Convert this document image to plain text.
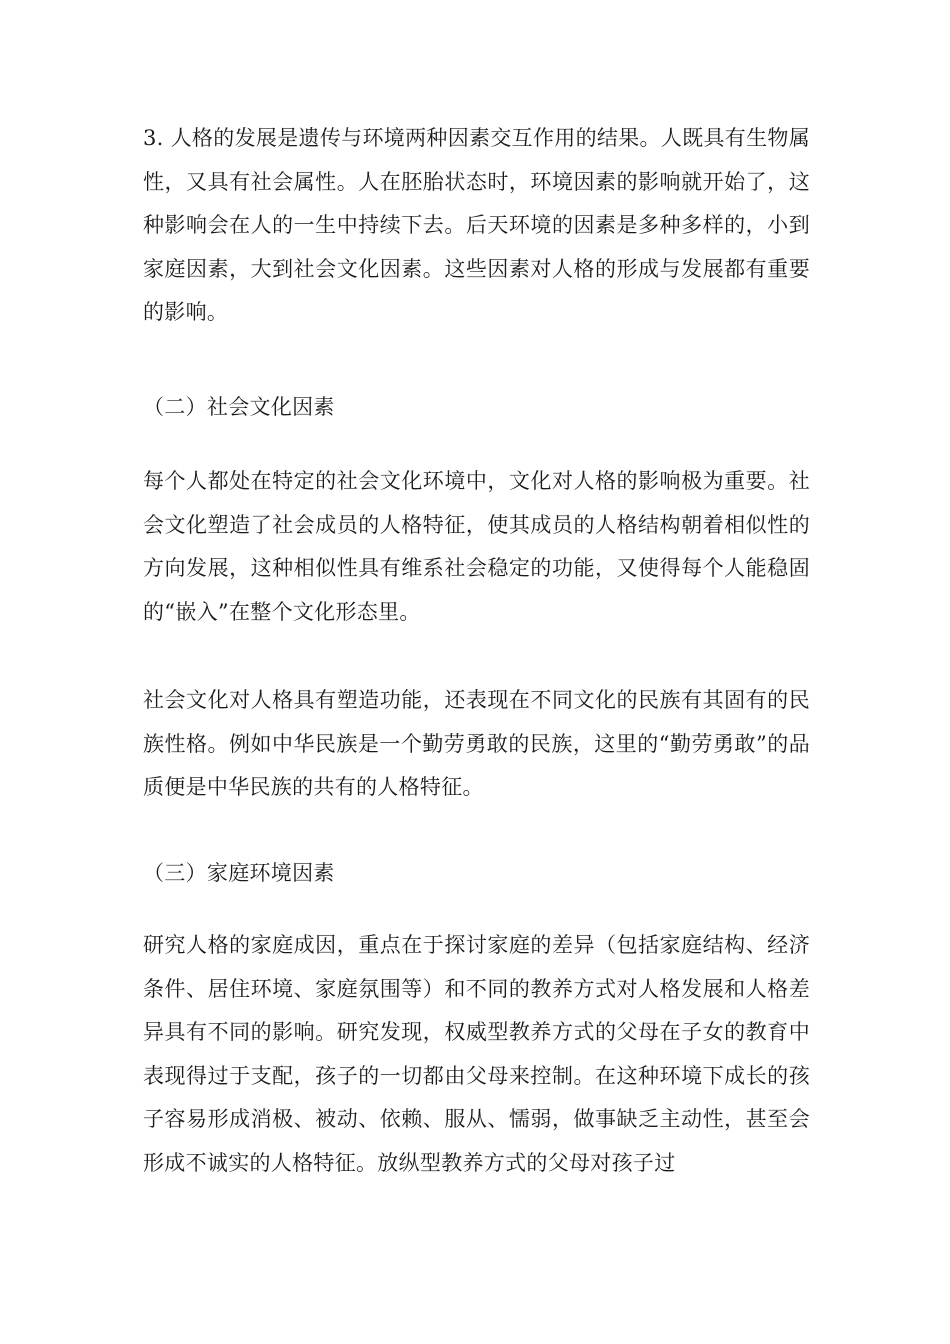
3. 人格的发展是遗传与环境两种因素交互作用的结果。人既具有生物属性，又具有社会属性。人在胚胎状态时，环境因素的影响就开始了，这种影响会在人的一生中持续下去。后天环境的因素是多种多样的，小到家庭因素，大到社会文化因素。这些因素对人格的形成与发展都有重要的影响。

（二）社会文化因素

每个人都处在特定的社会文化环境中，文化对人格的影响极为重要。社会文化塑造了社会成员的人格特征，使其成员的人格结构朝着相似性的方向发展，这种相似性具有维系社会稳定的功能，又使得每个人能稳固的“嵌入”在整个文化形态里。

社会文化对人格具有塑造功能，还表现在不同文化的民族有其固有的民族性格。例如中华民族是一个勤劳勇敢的民族，这里的“勤劳勇敢”的品质便是中华民族的共有的人格特征。

（三）家庭环境因素

研究人格的家庭成因，重点在于探讨家庭的差异（包括家庭结构、经济条件、居住环境、家庭氛围等）和不同的教养方式对人格发展和人格差异具有不同的影响。研究发现，权威型教养方式的父母在子女的教育中表现得过于支配，孩子的一切都由父母来控制。在这种环境下成长的孩子容易形成消极、被动、依赖、服从、懦弱，做事缺乏主动性，甚至会形成不诚实的人格特征。放纵型教养方式的父母对孩子过
